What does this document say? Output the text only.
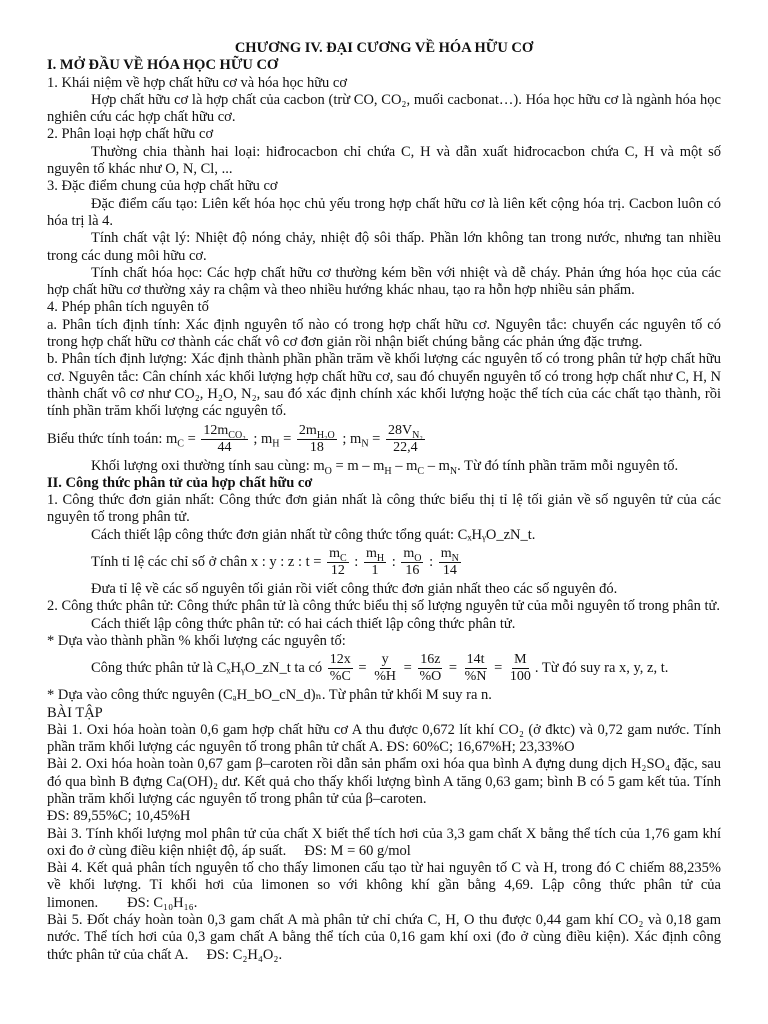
CHƯƠNG IV. ĐẠI CƯƠNG VỀ HÓA HỮU CƠ

I. MỞ ĐẦU VỀ HÓA HỌC HỮU CƠ

1. Khái niệm về hợp chất hữu cơ và hóa học hữu cơ

Hợp chất hữu cơ là hợp chất của cacbon (trừ CO, CO₂, muối cacbonat…). Hóa học hữu cơ là ngành hóa học nghiên cứu các hợp chất hữu cơ.

2. Phân loại hợp chất hữu cơ

Thường chia thành hai loại: hiđrocacbon chỉ chứa C, H và dẫn xuất hiđrocacbon chứa C, H và một số nguyên tố khác như O, N, Cl, ...

3. Đặc điểm chung của hợp chất hữu cơ

Đặc điểm cấu tạo: Liên kết hóa học chủ yếu trong hợp chất hữu cơ là liên kết cộng hóa trị. Cacbon luôn có hóa trị là 4.

Tính chất vật lý: Nhiệt độ nóng chảy, nhiệt độ sôi thấp. Phần lớn không tan trong nước, nhưng tan nhiều trong các dung môi hữu cơ.

Tính chất hóa học: Các hợp chất hữu cơ thường kém bền với nhiệt và dễ cháy. Phản ứng hóa học của các hợp chất hữu cơ thường xảy ra chậm và theo nhiều hướng khác nhau, tạo ra hỗn hợp nhiều sản phẩm.

4. Phép phân tích nguyên tố

a. Phân tích định tính: Xác định nguyên tố nào có trong hợp chất hữu cơ. Nguyên tắc: chuyển các nguyên tố có trong hợp chất hữu cơ thành các chất vô cơ đơn giản rồi nhận biết chúng bằng các phản ứng đặc trưng.

b. Phân tích định lượng: Xác định thành phần phần trăm về khối lượng các nguyên tố có trong phân tử hợp chất hữu cơ. Nguyên tắc: Cân chính xác khối lượng hợp chất hữu cơ, sau đó chuyển nguyên tố có trong hợp chất như C, H, N thành chất vô cơ như CO₂, H₂O, N₂, sau đó xác định chính xác khối lượng hoặc thể tích của các chất tạo thành, rồi tính phần trăm khối lượng các nguyên tố.

Biểu thức tính toán: $m_C = \frac{12m_{CO_2}}{44}$ ; $m_H = \frac{2m_{H_2O}}{18}$ ; $m_N = \frac{28V_{N_2}}{22,4}$

Khối lượng oxi thường tính sau cùng: $m_O = m - m_H - m_C - m_N$. Từ đó tính phần trăm mỗi nguyên tố.

II. Công thức phân tử của hợp chất hữu cơ

1. Công thức đơn giản nhất: Công thức đơn giản nhất là công thức biểu thị tỉ lệ tối giản về số nguyên tử của các nguyên tố trong phân tử.

Cách thiết lập công thức đơn giản nhất từ công thức tổng quát: CₓHᵧO_zN_t.

Tính tỉ lệ các chỉ số ở chân x : y : z : $t = \frac{m_C}{12}$ : $\frac{m_H}{1}$ : $\frac{m_O}{16}$ : $\frac{m_N}{14}$

Đưa tỉ lệ về các số nguyên tối giản rồi viết công thức đơn giản nhất theo các số nguyên đó.

2. Công thức phân tử: Công thức phân tử là công thức biểu thị số lượng nguyên tử của mỗi nguyên tố trong phân tử.

Cách thiết lập công thức phân tử: có hai cách thiết lập công thức phân tử.

* Dựa vào thành phần % khối lượng các nguyên tố:

Công thức phân tử là CₓHᵧO_zN_t ta có $\frac{12x}{\%C} = \frac{y}{\%H} = \frac{16z}{\%O} = \frac{14t}{\%N} = \frac{M}{100}$ . Từ đó suy ra x, y, z, t.

* Dựa vào công thức nguyên (CₐH_bO_cN_d)ₙ. Từ phân tử khối M suy ra n.

BÀI TẬP

Bài 1. Oxi hóa hoàn toàn 0,6 gam hợp chất hữu cơ A thu được 0,672 lít khí CO₂ (ở đktc) và 0,72 gam nước. Tính phần trăm khối lượng các nguyên tố trong phân tử chất A. ĐS: 60%C; 16,67%H; 23,33%O

Bài 2. Oxi hóa hoàn toàn 0,67 gam β–caroten rồi dẫn sản phẩm oxi hóa qua bình A đựng dung dịch H₂SO₄ đặc, sau đó qua bình B đựng Ca(OH)₂ dư. Kết quả cho thấy khối lượng bình A tăng 0,63 gam; bình B có 5 gam kết tủa. Tính phần trăm khối lượng các nguyên tố trong phân tử của β–caroten.

ĐS: 89,55%C; 10,45%H

Bài 3. Tính khối lượng mol phân tử của chất X biết thể tích hơi của 3,3 gam chất X bằng thể tích của 1,76 gam khí oxi đo ở cùng điều kiện nhiệt độ, áp suất. ĐS: M = 60 g/mol

Bài 4. Kết quả phân tích nguyên tố cho thấy limonen cấu tạo từ hai nguyên tố C và H, trong đó C chiếm 88,235% về khối lượng. Tỉ khối hơi của limonen so với không khí gần bằng 4,69. Lập công thức phân tử của limonen. ĐS: C₁₀H₁₆.

Bài 5. Đốt cháy hoàn toàn 0,3 gam chất A mà phân tử chỉ chứa C, H, O thu được 0,44 gam khí CO₂ và 0,18 gam nước. Thể tích hơi của 0,3 gam chất A bằng thể tích của 0,16 gam khí oxi (đo ở cùng điều kiện). Xác định công thức phân tử của chất A. ĐS: C₂H₄O₂.
